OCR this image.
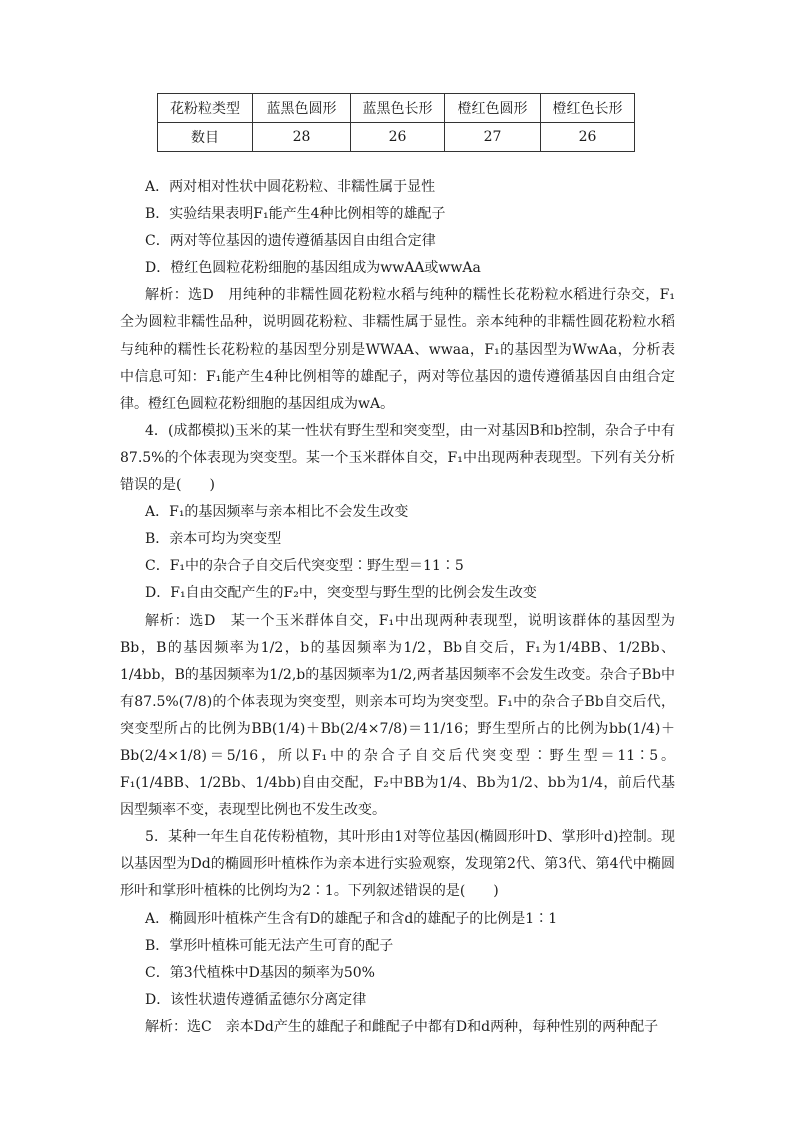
花粉粒类型	蓝黑色圆形	蓝黑色长形	橙红色圆形	橙红色长形
数目	28	26	27	26

A．两对相对性状中圆花粉粒、非糯性属于显性

B．实验结果表明F₁能产生4种比例相等的雄配子

C．两对等位基因的遗传遵循基因自由组合定律

D．橙红色圆粒花粉细胞的基因组成为wwAA或wwAa

解析：选D　用纯种的非糯性圆花粉粒水稻与纯种的糯性长花粉粒水稻进行杂交，F₁全为圆粒非糯性品种，说明圆花粉粒、非糯性属于显性。亲本纯种的非糯性圆花粉粒水稻与纯种的糯性长花粉粒的基因型分别是WWAA、wwaa，F₁的基因型为WwAa，分析表中信息可知：F₁能产生4种比例相等的雄配子，两对等位基因的遗传遵循基因自由组合定律。橙红色圆粒花粉细胞的基因组成为wA。

4．(成都模拟)玉米的某一性状有野生型和突变型，由一对基因B和b控制，杂合子中有87.5%的个体表现为突变型。某一个玉米群体自交，F₁中出现两种表现型。下列有关分析错误的是(　　)

A．F₁的基因频率与亲本相比不会发生改变

B．亲本可均为突变型

C．F₁中的杂合子自交后代突变型∶野生型＝11∶5

D．F₁自由交配产生的F₂中，突变型与野生型的比例会发生改变

解析：选D　某一个玉米群体自交，F₁中出现两种表现型，说明该群体的基因型为Bb，B的基因频率为1/2，b的基因频率为1/2，Bb自交后，F₁为1/4BB、1/2Bb、1/4bb，B的基因频率为1/2,b的基因频率为1/2,两者基因频率不会发生改变。杂合子Bb中有87.5%(7/8)的个体表现为突变型，则亲本可均为突变型。F₁中的杂合子Bb自交后代，突变型所占的比例为BB(1/4)＋Bb(2/4×7/8)＝11/16；野生型所占的比例为bb(1/4)＋Bb(2/4×1/8)＝5/16，所以F₁中的杂合子自交后代突变型∶野生型＝11∶5。F₁(1/4BB、1/2Bb、1/4bb)自由交配，F₂中BB为1/4、Bb为1/2、bb为1/4，前后代基因型频率不变，表现型比例也不发生改变。

5．某种一年生自花传粉植物，其叶形由1对等位基因(椭圆形叶D、掌形叶d)控制。现以基因型为Dd的椭圆形叶植株作为亲本进行实验观察，发现第2代、第3代、第4代中椭圆形叶和掌形叶植株的比例均为2∶1。下列叙述错误的是(　　)

A．椭圆形叶植株产生含有D的雄配子和含d的雄配子的比例是1∶1

B．掌形叶植株可能无法产生可育的配子

C．第3代植株中D基因的频率为50%

D．该性状遗传遵循孟德尔分离定律

解析：选C　亲本Dd产生的雄配子和雌配子中都有D和d两种，每种性别的两种配子
